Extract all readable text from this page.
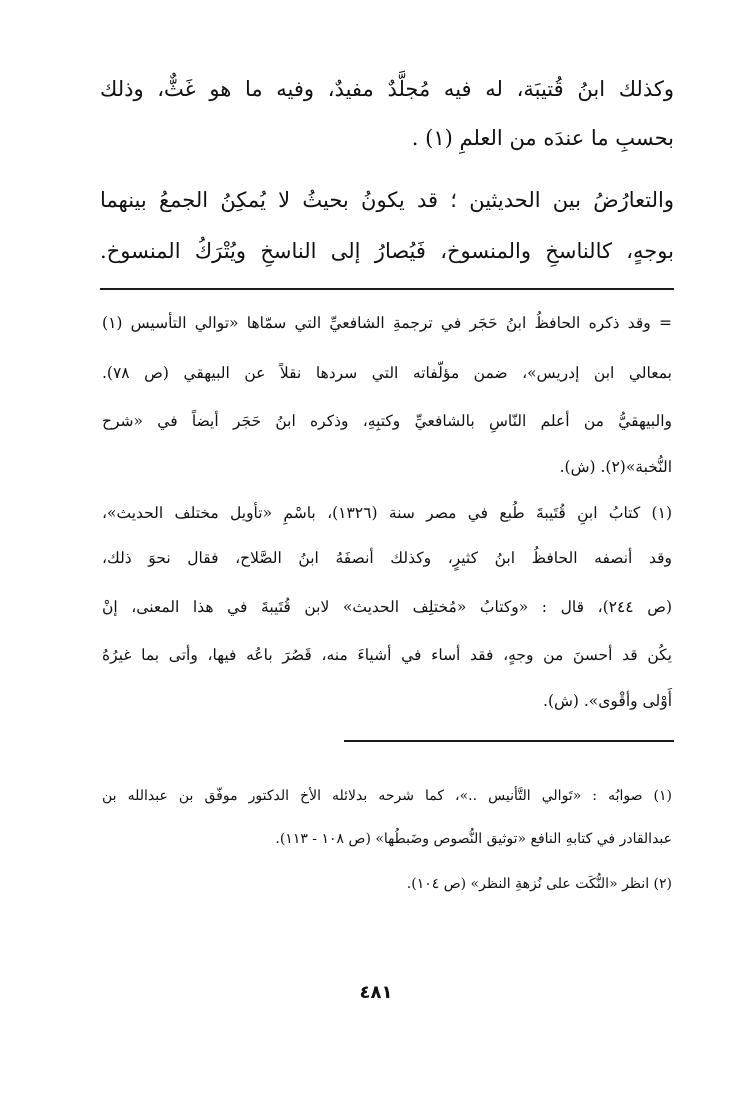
وكذلك ابنُ قُتيبَة، له فيه مُجلَّدٌ مفيدٌ، وفيه ما هو غَثٌّ، وذلك

بحسبِ ما عندَه من العلمِ (١) .

والتعارُضُ بين الحديثين ؛ قد يكونُ بحيثُ لا يُمكِنُ الجمعُ بينهما

بوجهٍ، كالناسخِ والمنسوخ، فَيُصارُ إلى الناسخِ ويُتْرَكُ المنسوخ.

= وقد ذكره الحافظُ ابنُ حَجَر في ترجمةِ الشافعيِّ التي سمّاها «توالي التأسيس (١)

بمعالي ابن إدريس»، ضمن مؤلّفاته التي سردها نقلاً عن البيهقي (ص ٧٨).

والبيهقيُّ من أعلم النّاسِ بالشافعيِّ وكتبِهِ، وذكره ابنُ حَجَر أيضاً في «شرح

النُّخبة»(٢). (ش).

(١) كتابُ ابنِ قُتَيبةَ طُبع في مصر سنة (١٣٢٦)، باسْمِ «تأويل مختلف الحديث»،

وقد أنصفه الحافظُ ابنُ كثيرٍ، وكذلك أنصفَهُ ابنُ الصَّلاح، فقال نحوَ ذلك،

(ص ٢٤٤)، قال : «وكتابُ «مُختلِف الحديث» لابن قُتَيبةَ في هذا المعنى، إنْ

يكُن قد أحسنَ من وجهٍ، فقد أساء في أشياءَ منه، قَصُرَ باعُه فيها، وأتى بما غيرُهُ

أَوْلى وأقْوى». (ش).

(١) صوابُه : «تَوالي التَّأنيس ..»، كما شرحه بدلائله الأخ الدكتور موفّق بن عبدالله بن

عبدالقادر في كتابهِ النافع «توثيق النُّصوص وضَبطُها» (ص ١٠٨ - ١١٣).

(٢) انظر «النُّكَت على نُزهةِ النظر» (ص ١٠٤).

٤٨١
